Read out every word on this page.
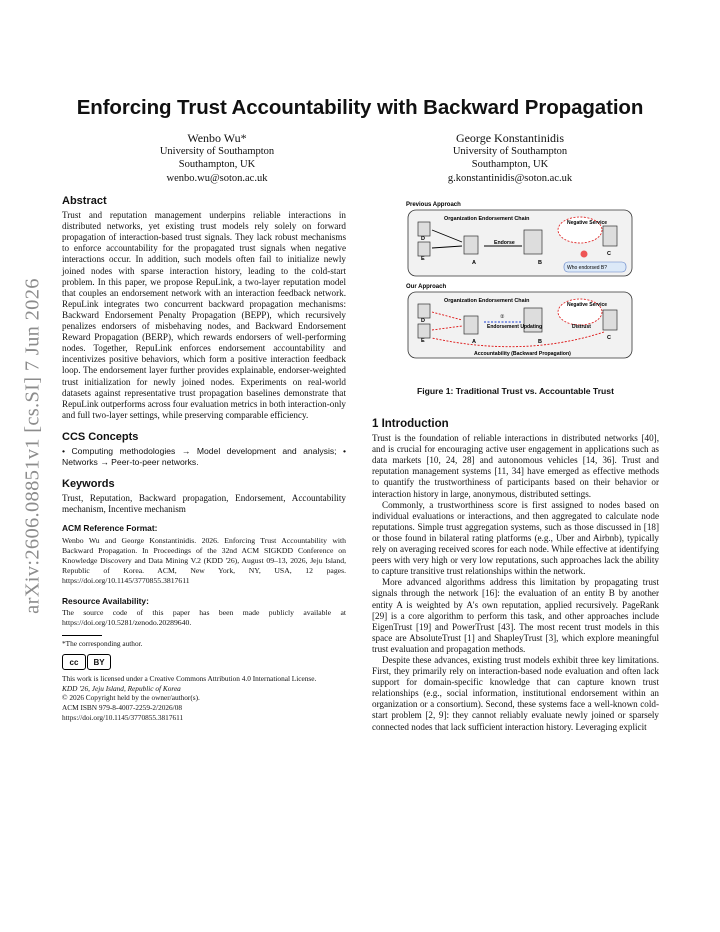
arXiv:2606.08851v1 [cs.SI] 7 Jun 2026
Enforcing Trust Accountability with Backward Propagation
Wenbo Wu*
University of Southampton
Southampton, UK
wenbo.wu@soton.ac.uk
George Konstantinidis
University of Southampton
Southampton, UK
g.konstantinidis@soton.ac.uk
Abstract

Trust and reputation management underpins reliable interactions in distributed networks, yet existing trust models rely solely on forward propagation of interaction-based trust signals. They lack robust mechanisms to enforce accountability for the propagated trust signals when negative interactions occur. In addition, such models often fail to initialize newly joined nodes with sparse interaction history, leading to the cold-start problem. In this paper, we propose RepuLink, a two-layer reputation model that couples an endorsement network with an interaction feedback network. RepuLink integrates two concurrent backward propagation mechanisms: Backward Endorsement Penalty Propagation (BEPP), which recursively penalizes endorsers of misbehaving nodes, and Backward Endorsement Reward Propagation (BERP), which rewards endorsers of well-performing nodes. Together, RepuLink enforces endorsement accountability and incentivizes positive behaviors, which form a positive interaction feedback loop. The endorsement layer further provides explainable, endorser-weighted trust initialization for newly joined nodes. Experiments on real-world datasets against representative trust propagation baselines demonstrate that RepuLink outperforms across four evaluation metrics in both interaction-only and full two-layer settings, while preserving comparable efficiency.

CCS Concepts

• Computing methodologies → Model development and analysis; • Networks → Peer-to-peer networks.

Keywords

Trust, Reputation, Backward propagation, Endorsement, Accountability mechanism, Incentive mechanism

ACM Reference Format:

Wenbo Wu and George Konstantinidis. 2026. Enforcing Trust Accountability with Backward Propagation. In Proceedings of the 32nd ACM SIGKDD Conference on Knowledge Discovery and Data Mining V.2 (KDD '26), August 09–13, 2026, Jeju Island, Republic of Korea. ACM, New York, NY, USA, 12 pages. https://doi.org/10.1145/3770855.3817611

Resource Availability:

The source code of this paper has been made publicly available at https://doi.org/10.5281/zenodo.20289640.

*The corresponding author.

cc	BY

This work is licensed under a Creative Commons Attribution 4.0 International License.

KDD '26, Jeju Island, Republic of Korea

© 2026 Copyright held by the owner/author(s).

ACM ISBN 979-8-4007-2259-2/2026/08

https://doi.org/10.1145/3770855.3817611

Previous Approach
Organization Endorsement Chain
D
E
A	B
C
Endorse
Negative Service
Who endorsed B?
Our Approach
Organization Endorsement Chain
D
E	A	B
C
②
Endorsement Updating
Negative Service
Distrust
Accountability (Backward Propagation)
Figure 1: Traditional Trust vs. Accountable Trust
1 Introduction

Trust is the foundation of reliable interactions in distributed networks [40], and is crucial for encouraging active user engagement in applications such as data markets [10, 24, 28] and autonomous vehicles [14, 36]. Trust and reputation management systems [11, 34] have emerged as effective methods to quantify the trustworthiness of participants based on their behavior or interaction history in large, anonymous, distributed settings.

Commonly, a trustworthiness score is first assigned to nodes based on individual evaluations or interactions, and then aggregated to calculate node reputations. Simple trust aggregation systems, such as those discussed in [18] or those found in bilateral rating platforms (e.g., Uber and Airbnb), typically rely on averaging received scores for each node. While effective at identifying peers with very high or very low reputations, such approaches lack the ability to capture transitive trust relationships within the network.

More advanced algorithms address this limitation by propagating trust signals through the network [16]: the evaluation of an entity B by another entity A is weighted by A's own reputation, applied recursively. PageRank [29] is a core algorithm to perform this task, and other approaches include EigenTrust [19] and PowerTrust [43]. The most recent trust models in this space are AbsoluteTrust [1] and ShapleyTrust [3], which explore meaningful trust evaluation and propagation methods.

Despite these advances, existing trust models exhibit three key limitations. First, they primarily rely on interaction-based node evaluation and often lack support for domain-specific knowledge that can capture known trust relationships (e.g., social information, institutional endorsement within an organization or a consortium). Second, these systems face a well-known cold-start problem [2, 9]: they cannot reliably evaluate newly joined or sparsely connected nodes that lack sufficient interaction history. Leveraging explicit
